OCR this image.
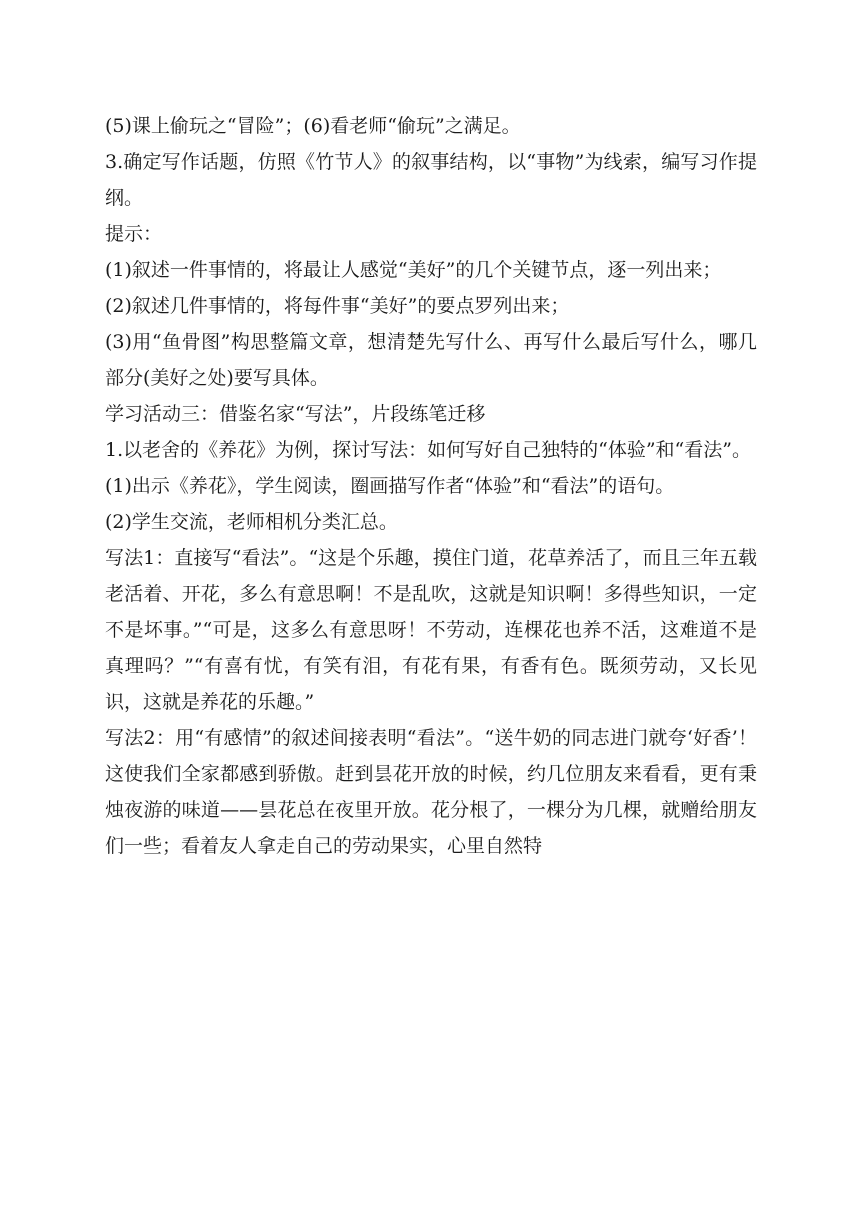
(5)课上偷玩之“冒险”；(6)看老师“偷玩”之满足。

3.确定写作话题，仿照《竹节人》的叙事结构，以“事物”为线索，编写习作提纲。

提示：

(1)叙述一件事情的，将最让人感觉“美好”的几个关键节点，逐一列出来；

(2)叙述几件事情的，将每件事“美好”的要点罗列出来；

(3)用“鱼骨图”构思整篇文章，想清楚先写什么、再写什么最后写什么，哪几部分(美好之处)要写具体。

学习活动三：借鉴名家“写法”，片段练笔迁移

1.以老舍的《养花》为例，探讨写法：如何写好自己独特的“体验”和“看法”。

(1)出示《养花》，学生阅读，圈画描写作者“体验”和“看法”的语句。

(2)学生交流，老师相机分类汇总。

写法1：直接写“看法”。“这是个乐趣，摸住门道，花草养活了，而且三年五载老活着、开花，多么有意思啊！不是乱吹，这就是知识啊！多得些知识，一定不是坏事。”“可是，这多么有意思呀！不劳动，连棵花也养不活，这难道不是真理吗？”“有喜有忧，有笑有泪，有花有果，有香有色。既须劳动，又长见识，这就是养花的乐趣。”

写法2：用“有感情”的叙述间接表明“看法”。“送牛奶的同志进门就夸‘好香’！这使我们全家都感到骄傲。赶到昙花开放的时候，约几位朋友来看看，更有秉烛夜游的味道——昙花总在夜里开放。花分根了，一棵分为几棵，就赠给朋友们一些；看着友人拿走自己的劳动果实，心里自然特
